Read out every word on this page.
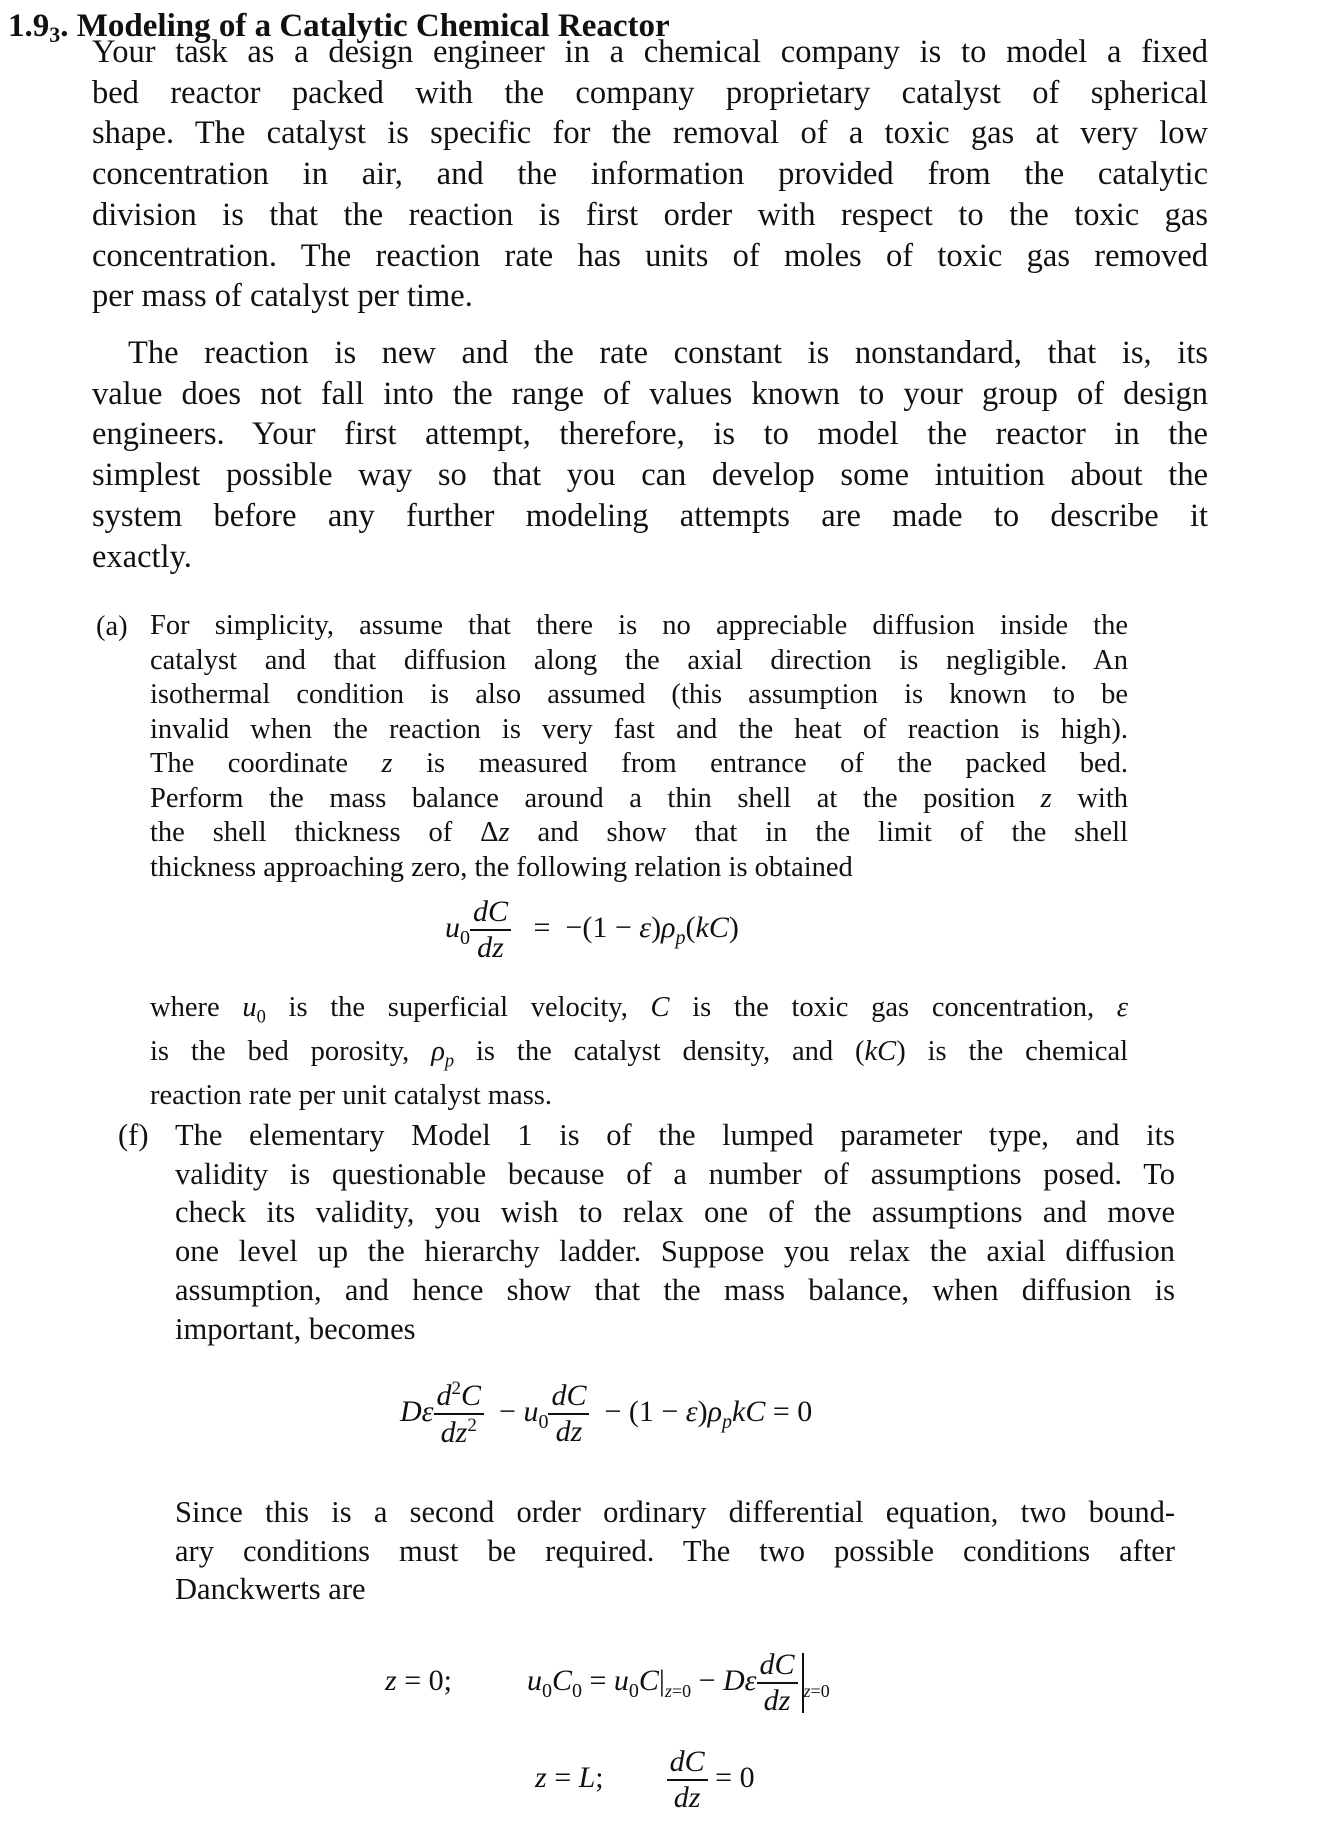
$1.9_3$. Modeling of a Catalytic Chemical Reactor
Your task as a design engineer in a chemical company is to model a fixed
bed reactor packed with the company proprietary catalyst of spherical
shape. The catalyst is specific for the removal of a toxic gas at very low
concentration in air, and the information provided from the catalytic
division is that the reaction is first order with respect to the toxic gas
concentration. The reaction rate has units of moles of toxic gas removed
per mass of catalyst per time.
The reaction is new and the rate constant is nonstandard, that is, its
value does not fall into the range of values known to your group of design
engineers. Your first attempt, therefore, is to model the reactor in the
simplest possible way so that you can develop some intuition about the
system before any further modeling attempts are made to describe it
exactly.
(a) For simplicity, assume that there is no appreciable diffusion inside the
catalyst and that diffusion along the axial direction is negligible. An
isothermal condition is also assumed (this assumption is known to be
invalid when the reaction is very fast and the heat of reaction is high).
The coordinate z is measured from entrance of the packed bed.
Perform the mass balance around a thin shell at the position z with
the shell thickness of Δz and show that in the limit of the shell
thickness approaching zero, the following relation is obtained
$u_0 \frac{dC}{dz} = -(1 - \varepsilon)\rho_p(kC)$
where $u_0$ is the superficial velocity, C is the toxic gas concentration, ε
is the bed porosity, $\rho_p$ is the catalyst density, and (kC) is the chemical
reaction rate per unit catalyst mass.
(f) The elementary Model 1 is of the lumped parameter type, and its
validity is questionable because of a number of assumptions posed. To
check its validity, you wish to relax one of the assumptions and move
one level up the hierarchy ladder. Suppose you relax the axial diffusion
assumption, and hence show that the mass balance, when diffusion is
important, becomes
Dε $\frac{d^2C}{dz^2} - u_0 \frac{dC}{dz} - (1 - \varepsilon)\rho_pkC = 0$
Since this is a second order ordinary differential equation, two bound-
ary conditions must be required. The two possible conditions after
Danckwerts are
z = 0;  $u_0C_0 = u_0C|_{z=0} - D\varepsilon \frac{dC}{dz} _{z=0}$
z = L; $\frac{dC}{dz} = 0$
